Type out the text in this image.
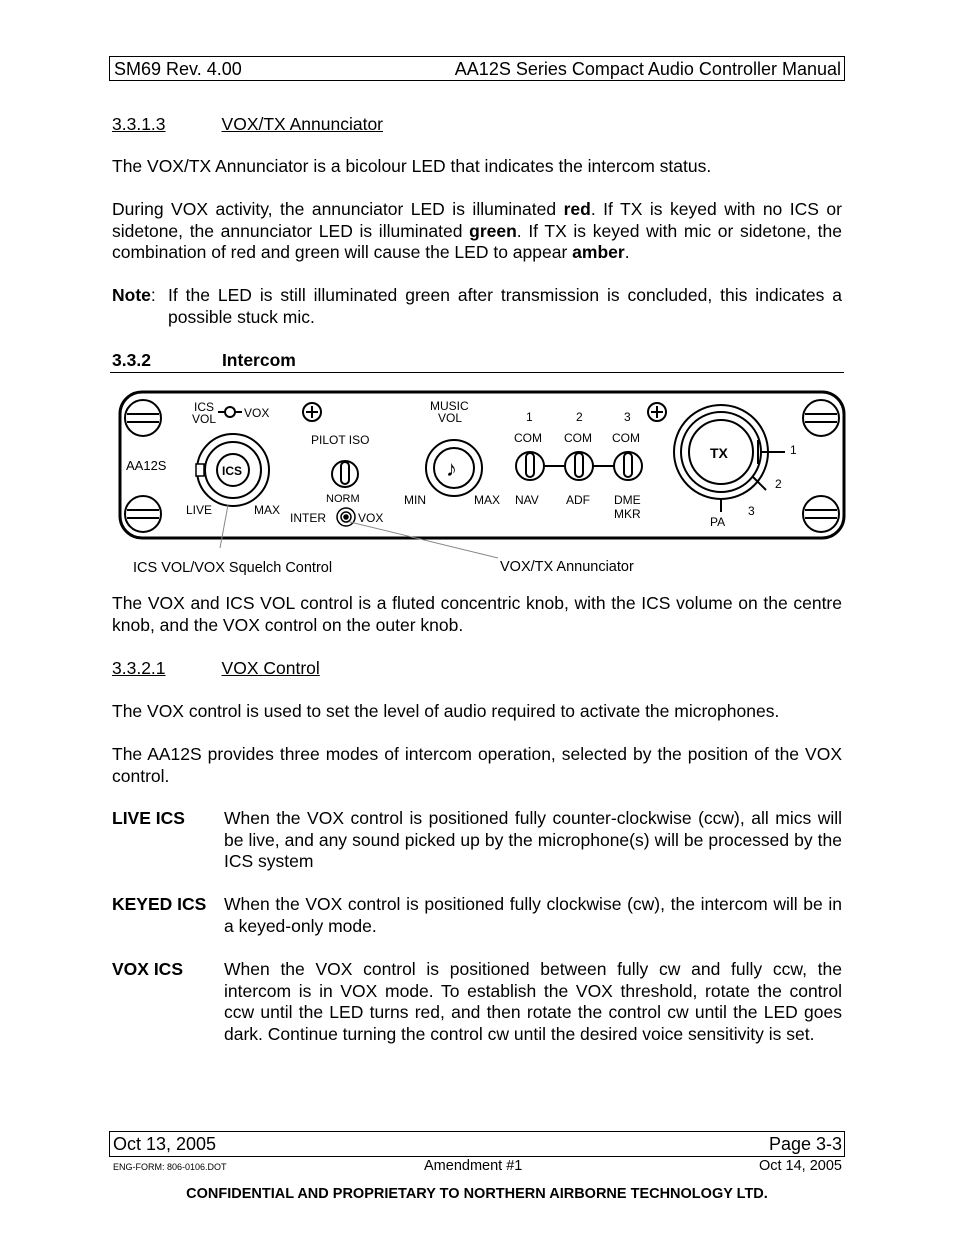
SM69 Rev. 4.00	AA12S Series Compact Audio Controller Manual
3.3.1.3	VOX/TX Annunciator
The VOX/TX Annunciator is a bicolour LED that indicates the intercom status.
During VOX activity, the annunciator LED is illuminated red. If TX is keyed with no ICS or sidetone, the annunciator LED is illuminated green. If TX is keyed with mic or sidetone, the combination of red and green will cause the LED to appear amber.
Note: If the LED is still illuminated green after transmission is concluded, this indicates a possible stuck mic.
3.3.2	Intercom
AA12S
ICS
VOL VOX
ICS
LIVE	MAX
PILOT ISO
NORM
INTER	VOX
MUSIC
VOL
♪
MIN	MAX
1
COM
NAV
2
COM
ADF
3
COM
DME
MKR
TX	1
2
3
PA
ICS VOL/VOX Squelch Control	VOX/TX Annunciator
The VOX and ICS VOL control is a fluted concentric knob, with the ICS volume on the centre knob, and the VOX control on the outer knob.
3.3.2.1	VOX Control
The VOX control is used to set the level of audio required to activate the microphones.
The AA12S provides three modes of intercom operation, selected by the position of the VOX control.
LIVE ICS When the VOX control is positioned fully counter-clockwise (ccw), all mics will be live, and any sound picked up by the microphone(s) will be processed by the ICS system
KEYED ICS When the VOX control is positioned fully clockwise (cw), the intercom will be in a keyed-only mode.
VOX ICS When the VOX control is positioned between fully cw and fully ccw, the intercom is in VOX mode. To establish the VOX threshold, rotate the control ccw until the LED turns red, and then rotate the control cw until the LED goes dark. Continue turning the control cw until the desired voice sensitivity is set.
Oct 13, 2005	Page 3-3
ENG-FORM: 806-0106.DOT	Amendment #1	Oct 14, 2005
CONFIDENTIAL AND PROPRIETARY TO NORTHERN AIRBORNE TECHNOLOGY LTD.
